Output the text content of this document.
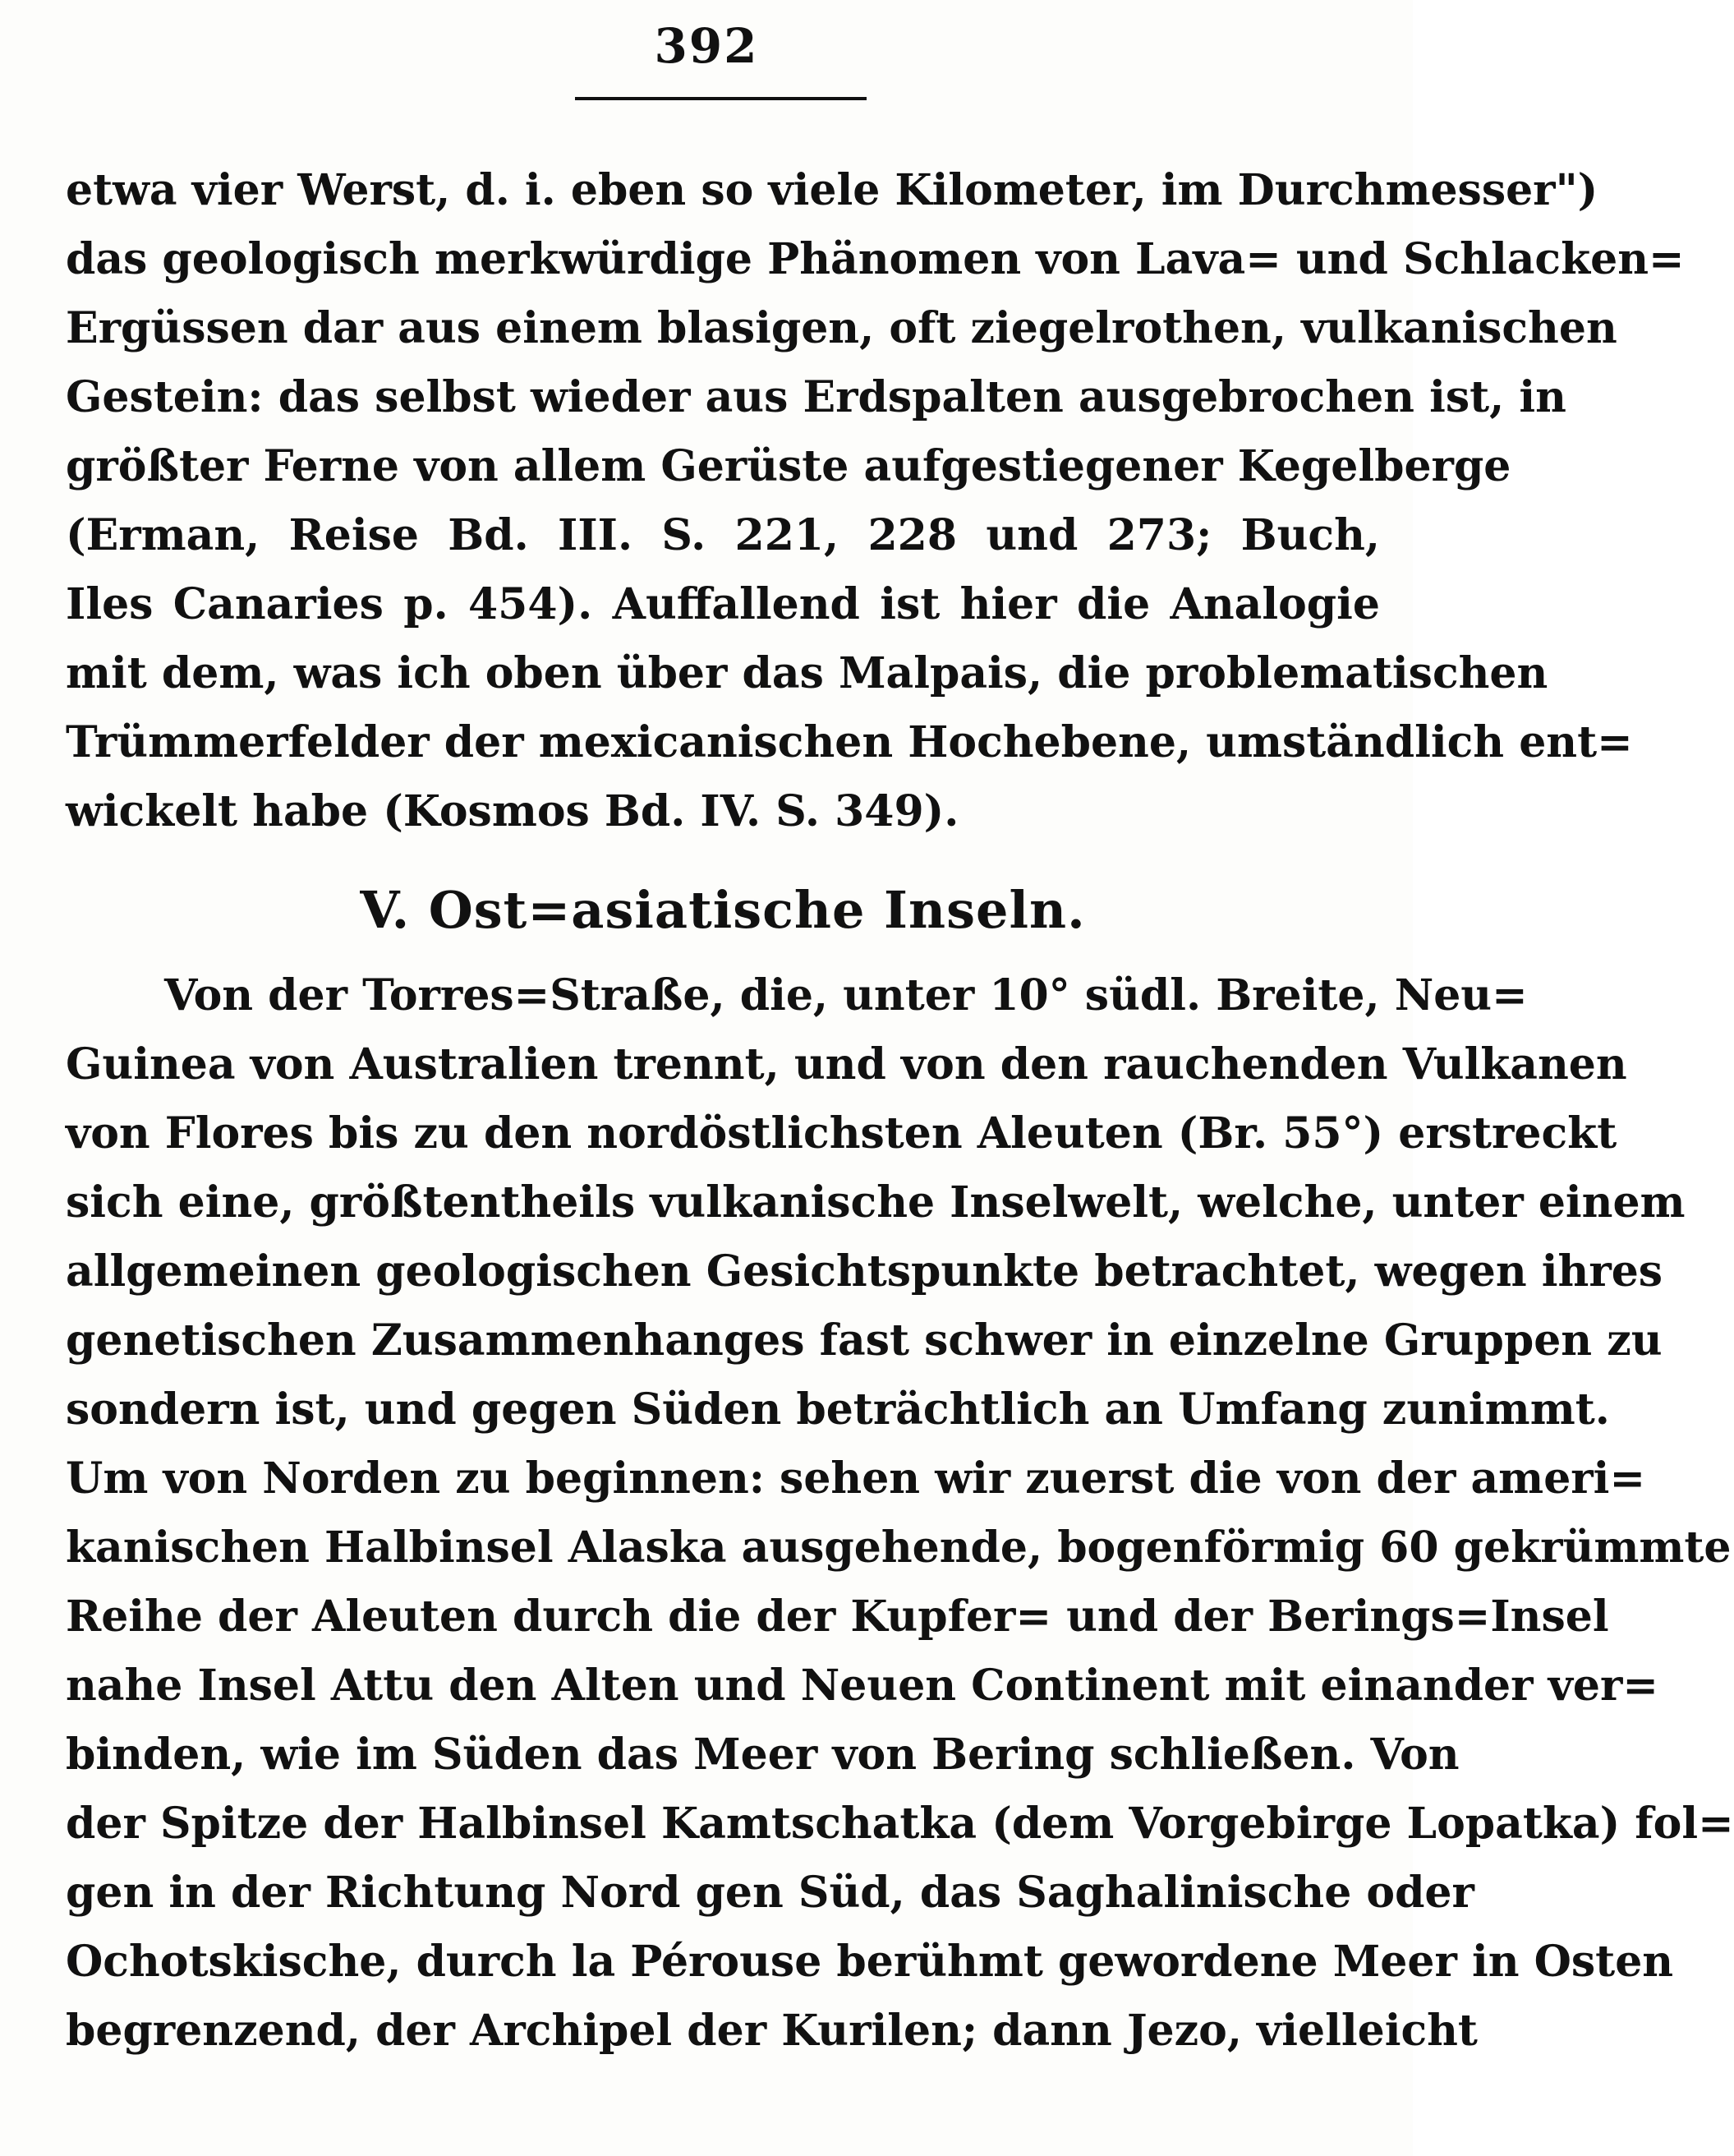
392
etwa vier Werst, d. i. eben so viele Kilometer, im Durchmesser")
das geologisch merkwürdige Phänomen von Lava= und Schlacken=
Ergüssen dar aus einem blasigen, oft ziegelrothen, vulkanischen
Gestein: das selbst wieder aus Erdspalten ausgebrochen ist, in
größter Ferne von allem Gerüste aufgestiegener Kegelberge
(Erman, Reise Bd. III. S. 221, 228 und 273; Buch,
Iles Canaries p. 454). Auffallend ist hier die Analogie
mit dem, was ich oben über das Malpais, die problematischen
Trümmerfelder der mexicanischen Hochebene, umständlich ent=
wickelt habe (Kosmos Bd. IV. S. 349).
V. Ost=asiatische Inseln.
Von der Torres=Straße, die, unter 10° südl. Breite, Neu=
Guinea von Australien trennt, und von den rauchenden Vulkanen
von Flores bis zu den nordöstlichsten Aleuten (Br. 55°) erstreckt
sich eine, größtentheils vulkanische Inselwelt, welche, unter einem
allgemeinen geologischen Gesichtspunkte betrachtet, wegen ihres
genetischen Zusammenhanges fast schwer in einzelne Gruppen zu
sondern ist, und gegen Süden beträchtlich an Umfang zunimmt.
Um von Norden zu beginnen: sehen wir zuerst die von der ameri=
kanischen Halbinsel Alaska ausgehende, bogenförmig 60 gekrümmte
Reihe der Aleuten durch die der Kupfer= und der Berings=Insel
nahe Insel Attu den Alten und Neuen Continent mit einander ver=
binden, wie im Süden das Meer von Bering schließen. Von
der Spitze der Halbinsel Kamtschatka (dem Vorgebirge Lopatka) fol=
gen in der Richtung Nord gen Süd, das Saghalinische oder
Ochotskische, durch la Pérouse berühmt gewordene Meer in Osten
begrenzend, der Archipel der Kurilen; dann Jezo, vielleicht
